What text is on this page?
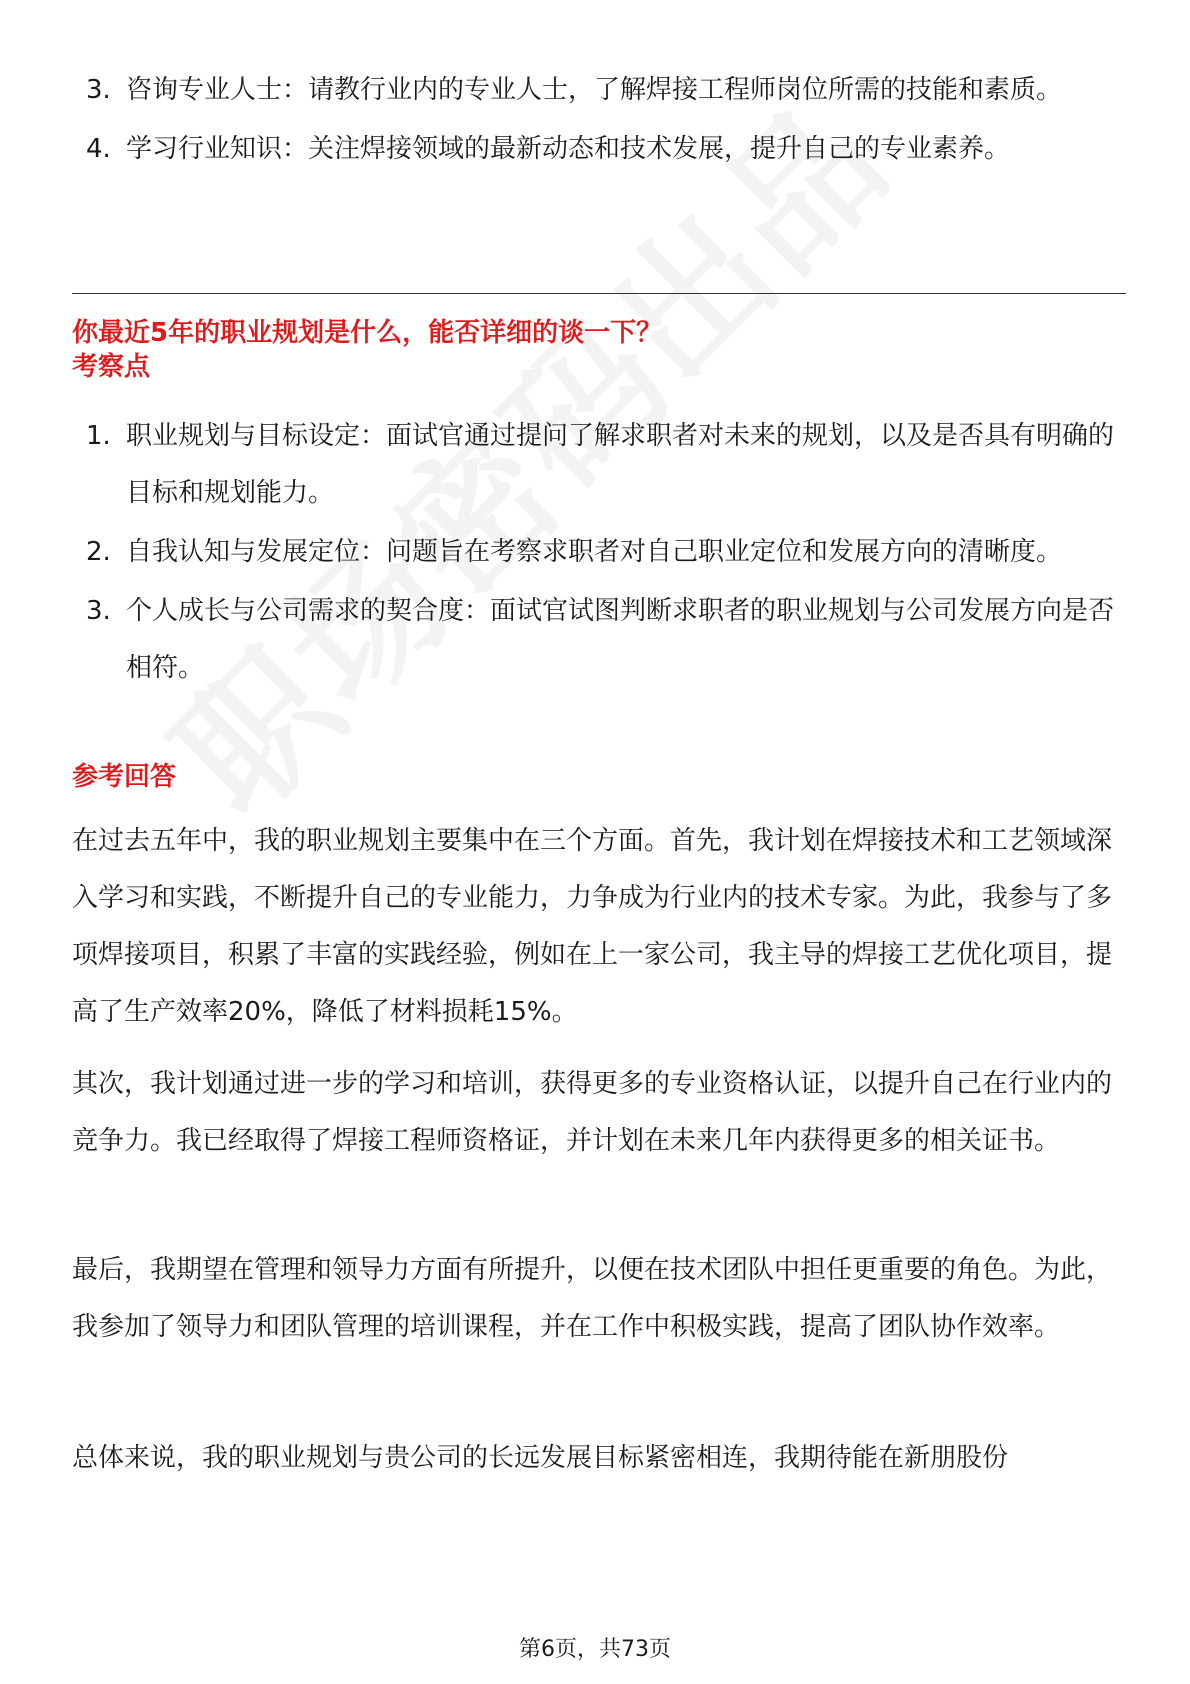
3. 咨询专业人士：请教行业内的专业人士，了解焊接工程师岗位所需的技能和素质。
4. 学习行业知识：关注焊接领域的最新动态和技术发展，提升自己的专业素养。
你最近5年的职业规划是什么，能否详细的谈一下？
考察点
1. 职业规划与目标设定：面试官通过提问了解求职者对未来的规划，以及是否具有明确的目标和规划能力。
2. 自我认知与发展定位：问题旨在考察求职者对自己职业定位和发展方向的清晰度。
3. 个人成长与公司需求的契合度：面试官试图判断求职者的职业规划与公司发展方向是否相符。
参考回答

在过去五年中，我的职业规划主要集中在三个方面。首先，我计划在焊接技术和工艺领域深入学习和实践，不断提升自己的专业能力，力争成为行业内的技术专家。为此，我参与了多项焊接项目，积累了丰富的实践经验，例如在上一家公司，我主导的焊接工艺优化项目，提高了生产效率20%，降低了材料损耗15%。

其次，我计划通过进一步的学习和培训，获得更多的专业资格认证，以提升自己在行业内的竞争力。我已经取得了焊接工程师资格证，并计划在未来几年内获得更多的相关证书。

最后，我期望在管理和领导力方面有所提升，以便在技术团队中担任更重要的角色。为此，我参加了领导力和团队管理的培训课程，并在工作中积极实践，提高了团队协作效率。

总体来说，我的职业规划与贵公司的长远发展目标紧密相连，我期待能在新朋股份

第6页，共73页
